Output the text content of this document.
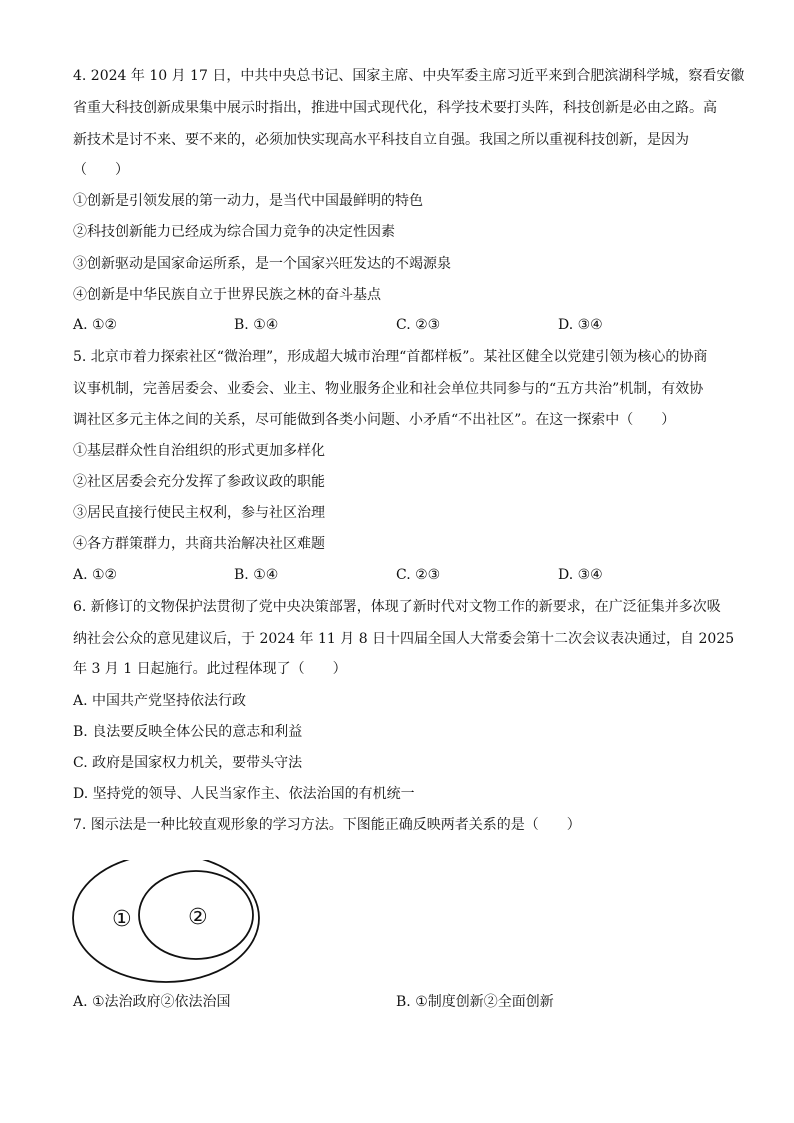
4. 2024 年 10 月 17 日，中共中央总书记、国家主席、中央军委主席习近平来到合肥滨湖科学城，察看安徽
省重大科技创新成果集中展示时指出，推进中国式现代化，科学技术要打头阵，科技创新是必由之路。高
新技术是讨不来、要不来的，必须加快实现高水平科技自立自强。我国之所以重视科技创新，是因为
（　　）
①创新是引领发展的第一动力，是当代中国最鲜明的特色
②科技创新能力已经成为综合国力竞争的决定性因素
③创新驱动是国家命运所系，是一个国家兴旺发达的不竭源泉
④创新是中华民族自立于世界民族之林的奋斗基点
A. ①②	B. ①④	C. ②③	D. ③④
5. 北京市着力探索社区“微治理”，形成超大城市治理“首都样板”。某社区健全以党建引领为核心的协商
议事机制，完善居委会、业委会、业主、物业服务企业和社会单位共同参与的“五方共治”机制，有效协
调社区多元主体之间的关系，尽可能做到各类小问题、小矛盾“不出社区”。在这一探索中（　　）
①基层群众性自治组织的形式更加多样化
②社区居委会充分发挥了参政议政的职能
③居民直接行使民主权利，参与社区治理
④各方群策群力，共商共治解决社区难题
A. ①②	B. ①④	C. ②③	D. ③④
6. 新修订的文物保护法贯彻了党中央决策部署，体现了新时代对文物工作的新要求，在广泛征集并多次吸
纳社会公众的意见建议后，于 2024 年 11 月 8 日十四届全国人大常委会第十二次会议表决通过，自 2025
年 3 月 1 日起施行。此过程体现了（　　）
A. 中国共产党坚持依法行政
B. 良法要反映全体公民的意志和利益
C. 政府是国家权力机关，要带头守法
D. 坚持党的领导、人民当家作主、依法治国的有机统一
7. 图示法是一种比较直观形象的学习方法。下图能正确反映两者关系的是（　　）
①	②
A. ①法治政府②依法治国	B. ①制度创新②全面创新
